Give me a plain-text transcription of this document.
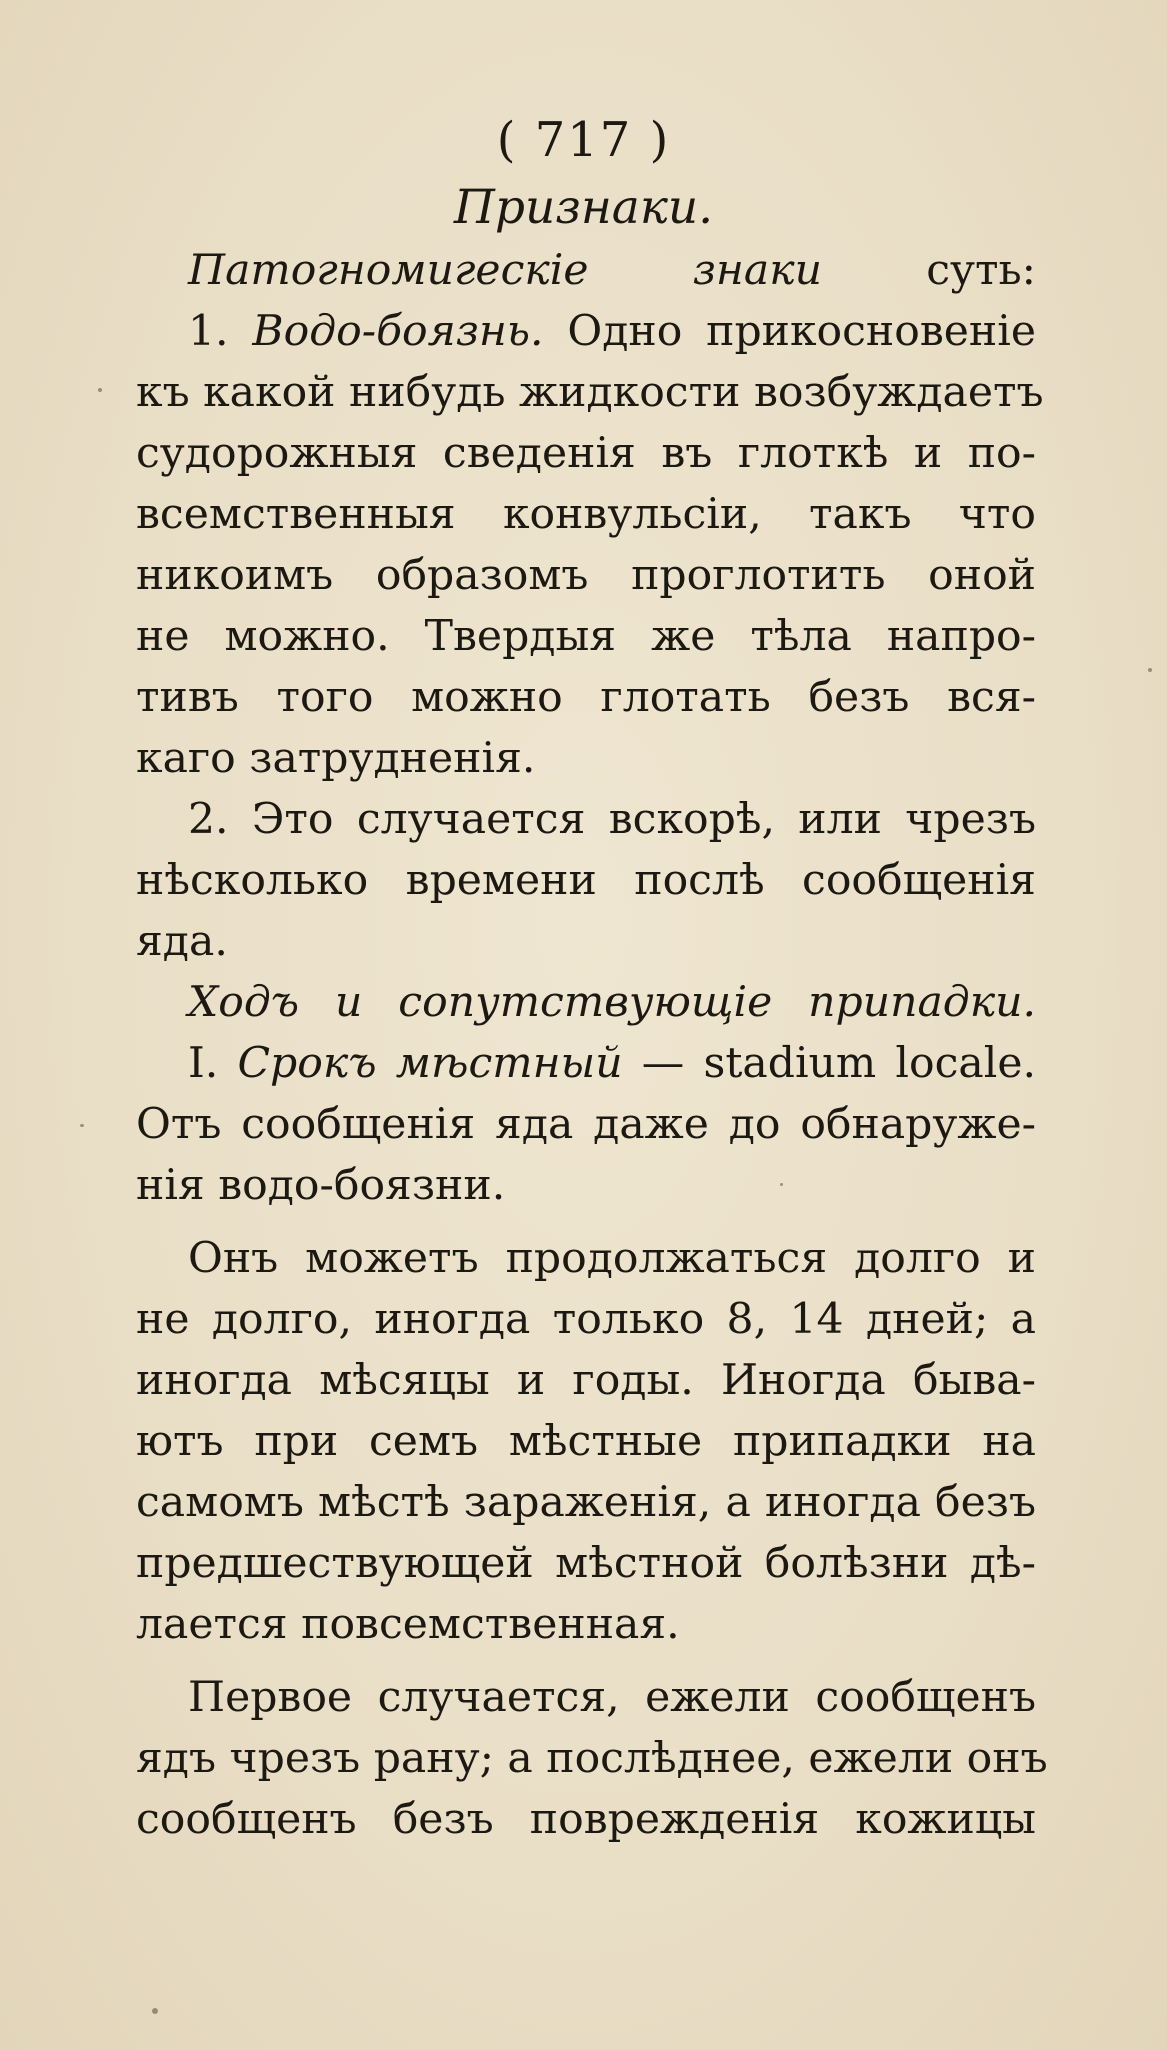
( 717 )
Признаки.
Патогномигескіе знаки суть:
1. Водо-боязнь. Одно прикосновеніе
къ какой нибудь жидкости возбуждаетъ
судорожныя сведенія въ глоткѣ и по-
всемственныя конвульсіи, такъ что
никоимъ образомъ проглотить оной
не можно. Твердыя же тѣла напро-
тивъ того можно глотать безъ вся-
каго затрудненія.
2. Это случается вскорѣ, или чрезъ
нѣсколько времени послѣ сообщенія
яда.
Ходъ и сопутствующіе припадки.
I. Срокъ мѣстный — stadium locale.
Отъ сообщенія яда даже до обнаруже-
нія водо-боязни.
Онъ можетъ продолжаться долго и
не долго, иногда только 8, 14 дней; а
иногда мѣсяцы и годы. Иногда быва-
ютъ при семъ мѣстные припадки на
самомъ мѣстѣ зараженія, а иногда безъ
предшествующей мѣстной болѣзни дѣ-
лается повсемственная.
Первое случается, ежели сообщенъ
ядъ чрезъ рану; а послѣднее, ежели онъ
сообщенъ безъ поврежденія кожицы
